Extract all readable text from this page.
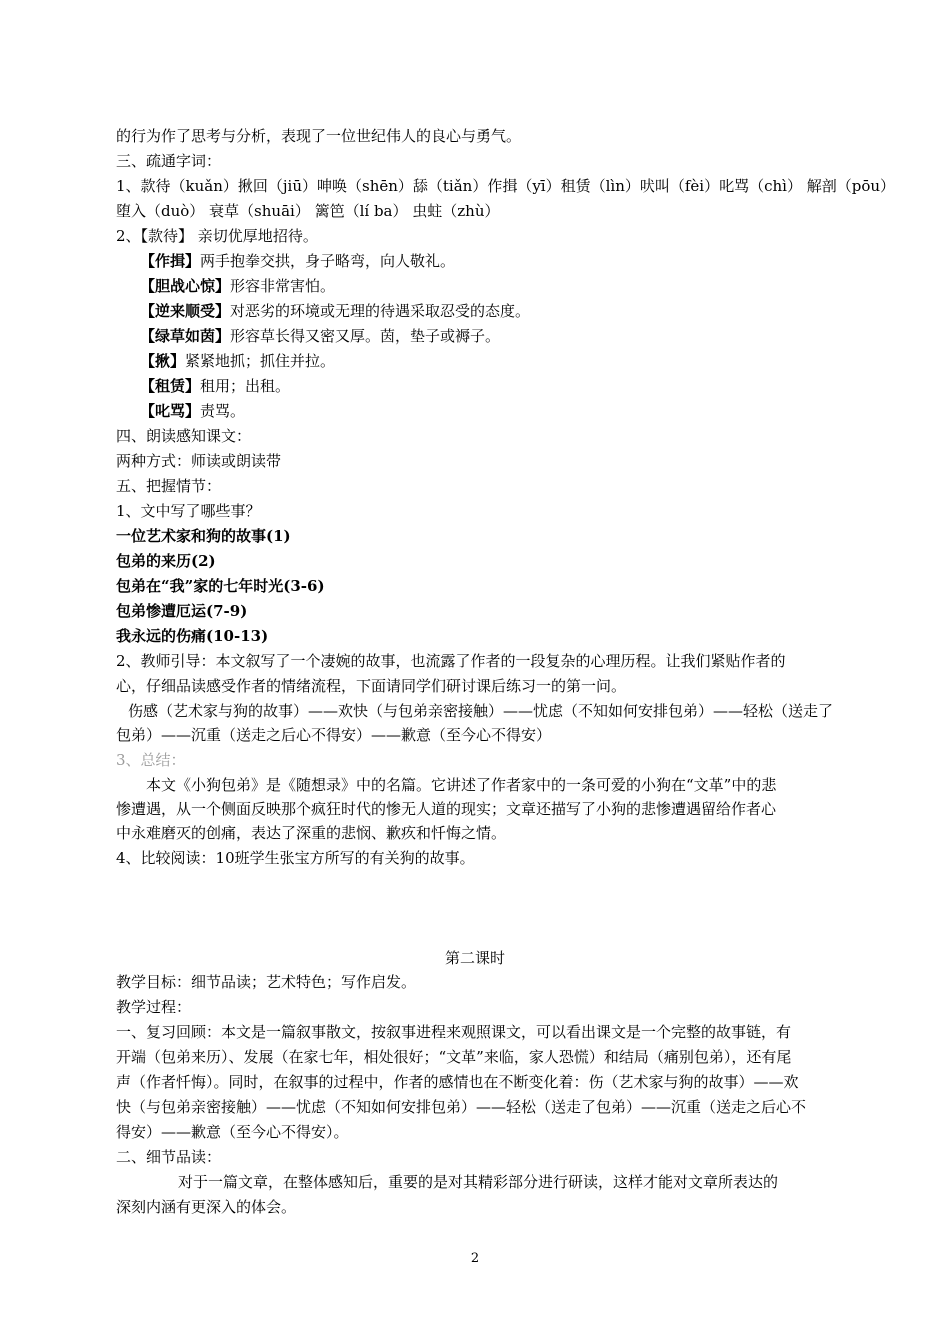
的行为作了思考与分析，表现了一位世纪伟人的良心与勇气。
三、疏通字词：
1、款待（kuǎn）揪回（jiū）呻唤（shēn）舔（tiǎn）作揖（yī）租赁（lìn）吠叫（fèi）叱骂（chì） 解剖（pōu）
堕入（duò） 衰草（shuāi） 篱笆（lí ba） 虫蛀（zhù）
2、【款待】 亲切优厚地招待。
【作揖】两手抱拳交拱，身子略弯，向人敬礼。
【胆战心惊】形容非常害怕。
【逆来顺受】对恶劣的环境或无理的待遇采取忍受的态度。
【绿草如茵】形容草长得又密又厚。茵，垫子或褥子。
【揪】紧紧地抓；抓住并拉。
【租赁】租用；出租。
【叱骂】责骂。
四、朗读感知课文：
两种方式：师读或朗读带
五、把握情节：
1、文中写了哪些事？
一位艺术家和狗的故事(1)
包弟的来历(2)
包弟在“我”家的七年时光(3-6)
包弟惨遭厄运(7-9)
我永远的伤痛(10-13)
2、教师引导：本文叙写了一个凄婉的故事，也流露了作者的一段复杂的心理历程。让我们紧贴作者的
心，仔细品读感受作者的情绪流程，下面请同学们研讨课后练习一的第一问。
伤感（艺术家与狗的故事）——欢快（与包弟亲密接触）——忧虑（不知如何安排包弟）——轻松（送走了
包弟）——沉重（送走之后心不得安）——歉意（至今心不得安）
3、总结：
本文《小狗包弟》是《随想录》中的名篇。它讲述了作者家中的一条可爱的小狗在“文革”中的悲
惨遭遇，从一个侧面反映那个疯狂时代的惨无人道的现实；文章还描写了小狗的悲惨遭遇留给作者心
中永难磨灭的创痛，表达了深重的悲悯、歉疚和忏悔之情。
4、比较阅读：10班学生张宝方所写的有关狗的故事。
第二课时
教学目标：细节品读；艺术特色；写作启发。
教学过程：
一、复习回顾：本文是一篇叙事散文，按叙事进程来观照课文，可以看出课文是一个完整的故事链，有
开端（包弟来历）、发展（在家七年，相处很好；“文革”来临，家人恐慌）和结局（痛别包弟），还有尾
声（作者忏悔）。同时，在叙事的过程中，作者的感情也在不断变化着：伤（艺术家与狗的故事）——欢
快（与包弟亲密接触）——忧虑（不知如何安排包弟）——轻松（送走了包弟）——沉重（送走之后心不
得安）——歉意（至今心不得安）。
二、细节品读：
对于一篇文章，在整体感知后，重要的是对其精彩部分进行研读，这样才能对文章所表达的
深刻内涵有更深入的体会。
2
